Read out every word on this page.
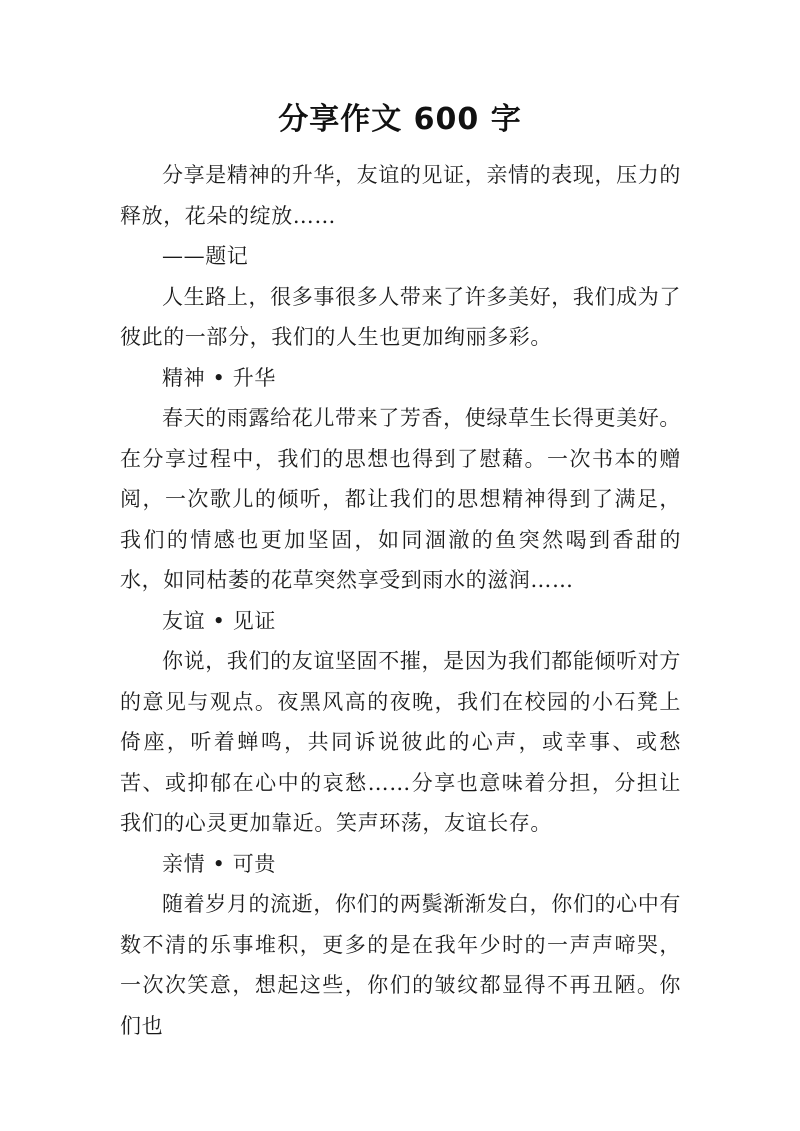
分享作文 600 字

分享是精神的升华，友谊的见证，亲情的表现，压力的释放，花朵的绽放……

——题记

人生路上，很多事很多人带来了许多美好，我们成为了彼此的一部分，我们的人生也更加绚丽多彩。

精神 • 升华

春天的雨露给花儿带来了芳香，使绿草生长得更美好。在分享过程中，我们的思想也得到了慰藉。一次书本的赠阅，一次歌儿的倾听，都让我们的思想精神得到了满足，我们的情感也更加坚固，如同涸澈的鱼突然喝到香甜的水，如同枯萎的花草突然享受到雨水的滋润……

友谊 • 见证

你说，我们的友谊坚固不摧，是因为我们都能倾听对方的意见与观点。夜黑风高的夜晚，我们在校园的小石凳上倚座，听着蝉鸣，共同诉说彼此的心声，或幸事、或愁苦、或抑郁在心中的哀愁……分享也意味着分担，分担让我们的心灵更加靠近。笑声环荡，友谊长存。

亲情 • 可贵

随着岁月的流逝，你们的两鬓渐渐发白，你们的心中有数不清的乐事堆积，更多的是在我年少时的一声声啼哭，一次次笑意，想起这些，你们的皱纹都显得不再丑陋。你们也
